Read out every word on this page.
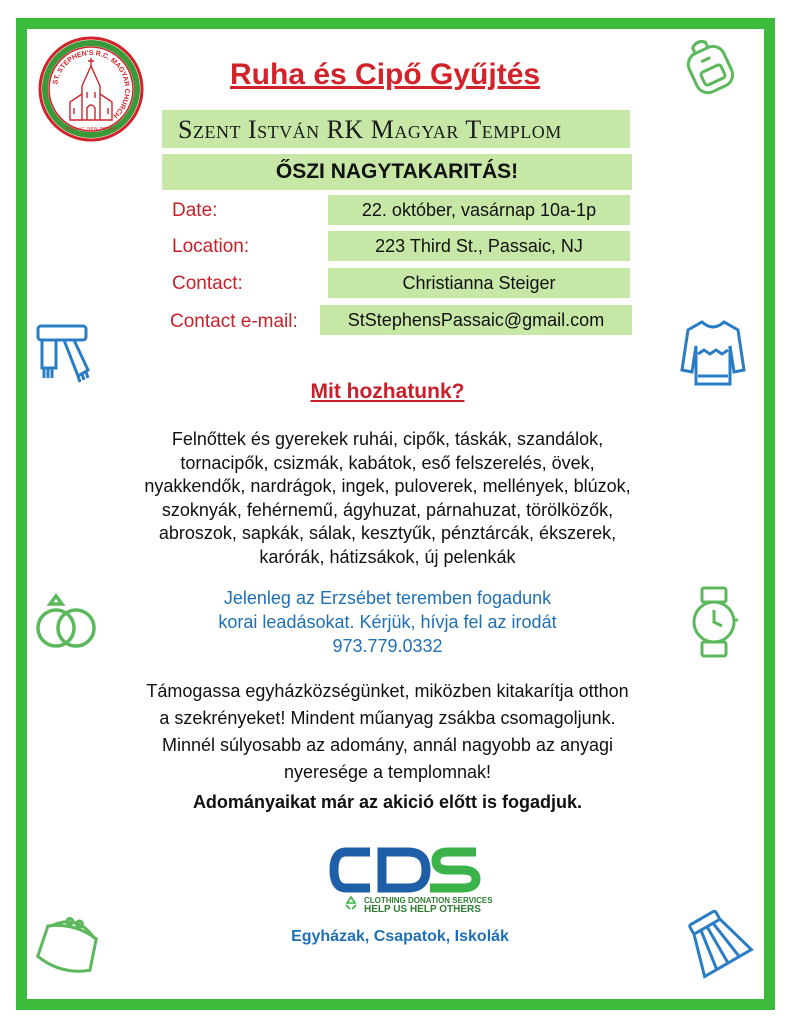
ST. STEPHEN'S R.C. MAGYAR CHURCH
PASSAIC, NEW JERSEY
Ruha és Cipő Gyűjtés
Szent István RK Magyar Templom
ŐSZI NAGYTAKARITÁS!
Date:	22. október, vasárnap 10a-1p
Location:	223 Third St., Passaic, NJ
Contact:	Christianna Steiger
Contact e-mail:	StStephensPassaic@gmail.com
Mit hozhatunk?
Felnőttek és gyerekek ruhái, cipők, táskák, szandálok,
tornacipők, csizmák, kabátok, eső felszerelés, övek,
nyakkendők, nardrágok, ingek, puloverek, mellények, blúzok,
szoknyák, fehérnemű, ágyhuzat, párnahuzat, törölközők,
abroszok, sapkák, sálak, kesztyűk, pénztárcák, ékszerek,
karórák, hátizsákok, új pelenkák
Jelenleg az Erzsébet teremben fogadunk
korai leadásokat. Kérjük, hívja fel az irodát
973.779.0332
Támogassa egyházközségünket, miközben kitakarítja otthon
a szekrényeket! Mindent műanyag zsákba csomagoljunk.
Minnél súlyosabb az adomány, annál nagyobb az anyagi
nyeresége a templomnak!
Adományaikat már az akició előtt is fogadjuk.
CLOTHING DONATION SERVICES
HELP US HELP OTHERS
Egyházak, Csapatok, Iskolák
